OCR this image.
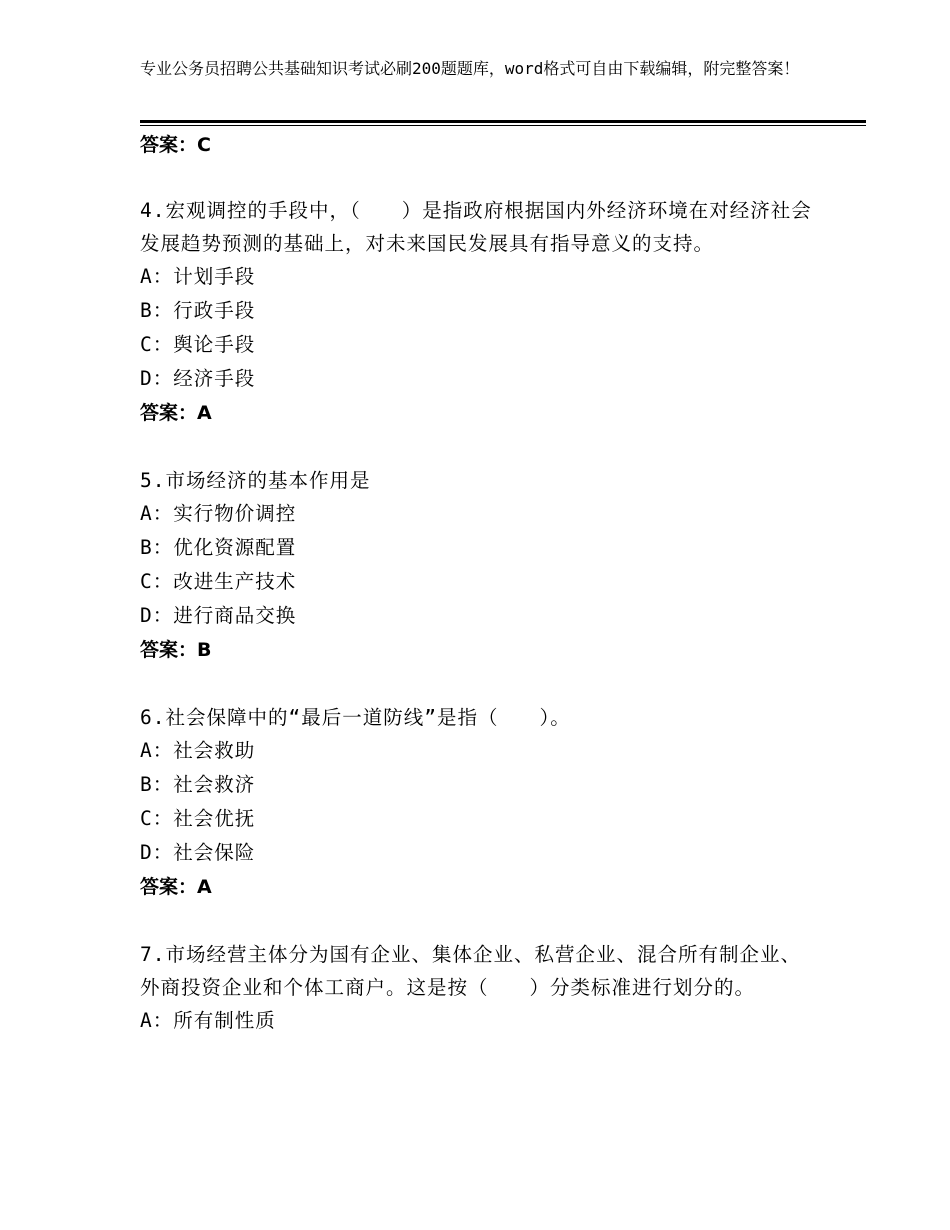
专业公务员招聘公共基础知识考试必刷200题题库，word格式可自由下载编辑，附完整答案！

答案：C

4.宏观调控的手段中，（　　）是指政府根据国内外经济环境在对经济社会发展趋势预测的基础上，对未来国民发展具有指导意义的支持。

A：计划手段

B：行政手段

C：舆论手段

D：经济手段

答案：A

5.市场经济的基本作用是

A：实行物价调控

B：优化资源配置

C：改进生产技术

D：进行商品交换

答案：B

6.社会保障中的“最后一道防线”是指（　　）。

A：社会救助

B：社会救济

C：社会优抚

D：社会保险

答案：A

7.市场经营主体分为国有企业、集体企业、私营企业、混合所有制企业、外商投资企业和个体工商户。这是按（　　）分类标准进行划分的。

A：所有制性质
